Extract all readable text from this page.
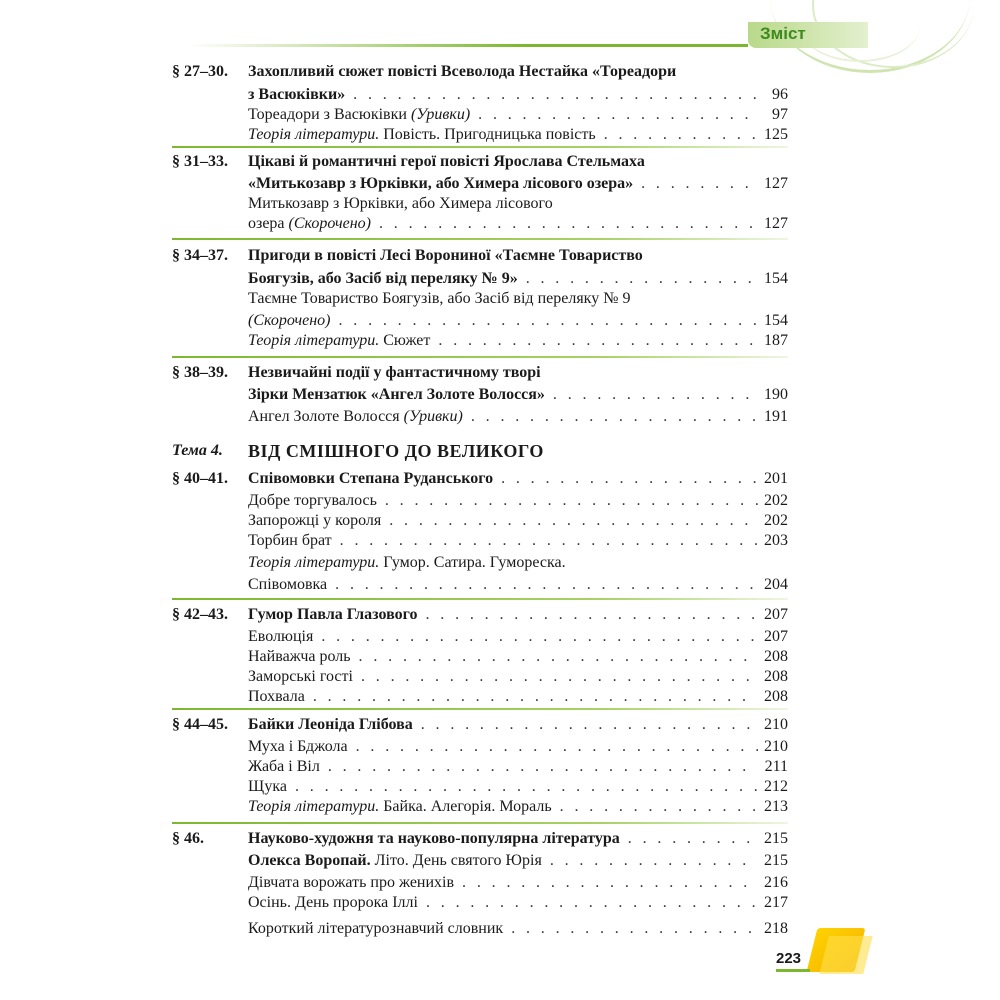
Зміст
§ 27–30. Захопливий сюжет повісті Всеволода Нестайка «Тореадори
з Васюківки» . . .	96
Тореадори з Васюківки (Уривки) . . .	97
Теорія літератури. Повість. Пригодницька повість . . .	125
§ 31–33. Цікаві й романтичні герої повісті Ярослава Стельмаха
«Митькозавр з Юрківки, або Химера лісового озера» . . .	127
Митькозавр з Юрківки, або Химера лісового
озера (Скорочено) . . .	127
§ 34–37. Пригоди в повісті Лесі Ворониної «Таємне Товариство
Боягузів, або Засіб від переляку № 9» . . .	154
Таємне Товариство Боягузів, або Засіб від переляку № 9
(Скорочено) . . .	154
Теорія літератури. Сюжет . . .	187
§ 38–39. Незвичайні події у фантастичному творі
Зірки Мензатюк «Ангел Золоте Волосся» . . .	190
Ангел Золоте Волосся (Уривки) . . .	191
Тема 4. ВІД СМІШНОГО ДО ВЕЛИКОГО
§ 40–41. Співомовки Степана Руданського . . .	201
Добре торгувалось . . .	202
Запорожці у короля . . .	202
Торбин брат . . .	203
Теорія літератури. Гумор. Сатира. Гумореска.
Співомовка . . .	204
§ 42–43. Гумор Павла Глазового . . .	207
Еволюція . . .	207
Найважча роль . . .	208
Заморські гості . . .	208
Похвала . . .	208
§ 44–45. Байки Леоніда Глібова . . .	210
Муха і Бджола . . .	210
Жаба і Віл . . .	211
Щука . . .	212
Теорія літератури. Байка. Алегорія. Мораль . . .	213
§ 46.	Науково-художня та науково-популярна література . . .	215
Олекса Воропай. Літо. День святого Юрія . . .	215
Дівчата ворожать про женихів . . .	216
Осінь. День пророка Іллі . . .	217
Короткий літературознавчий словник . . .	218
223
